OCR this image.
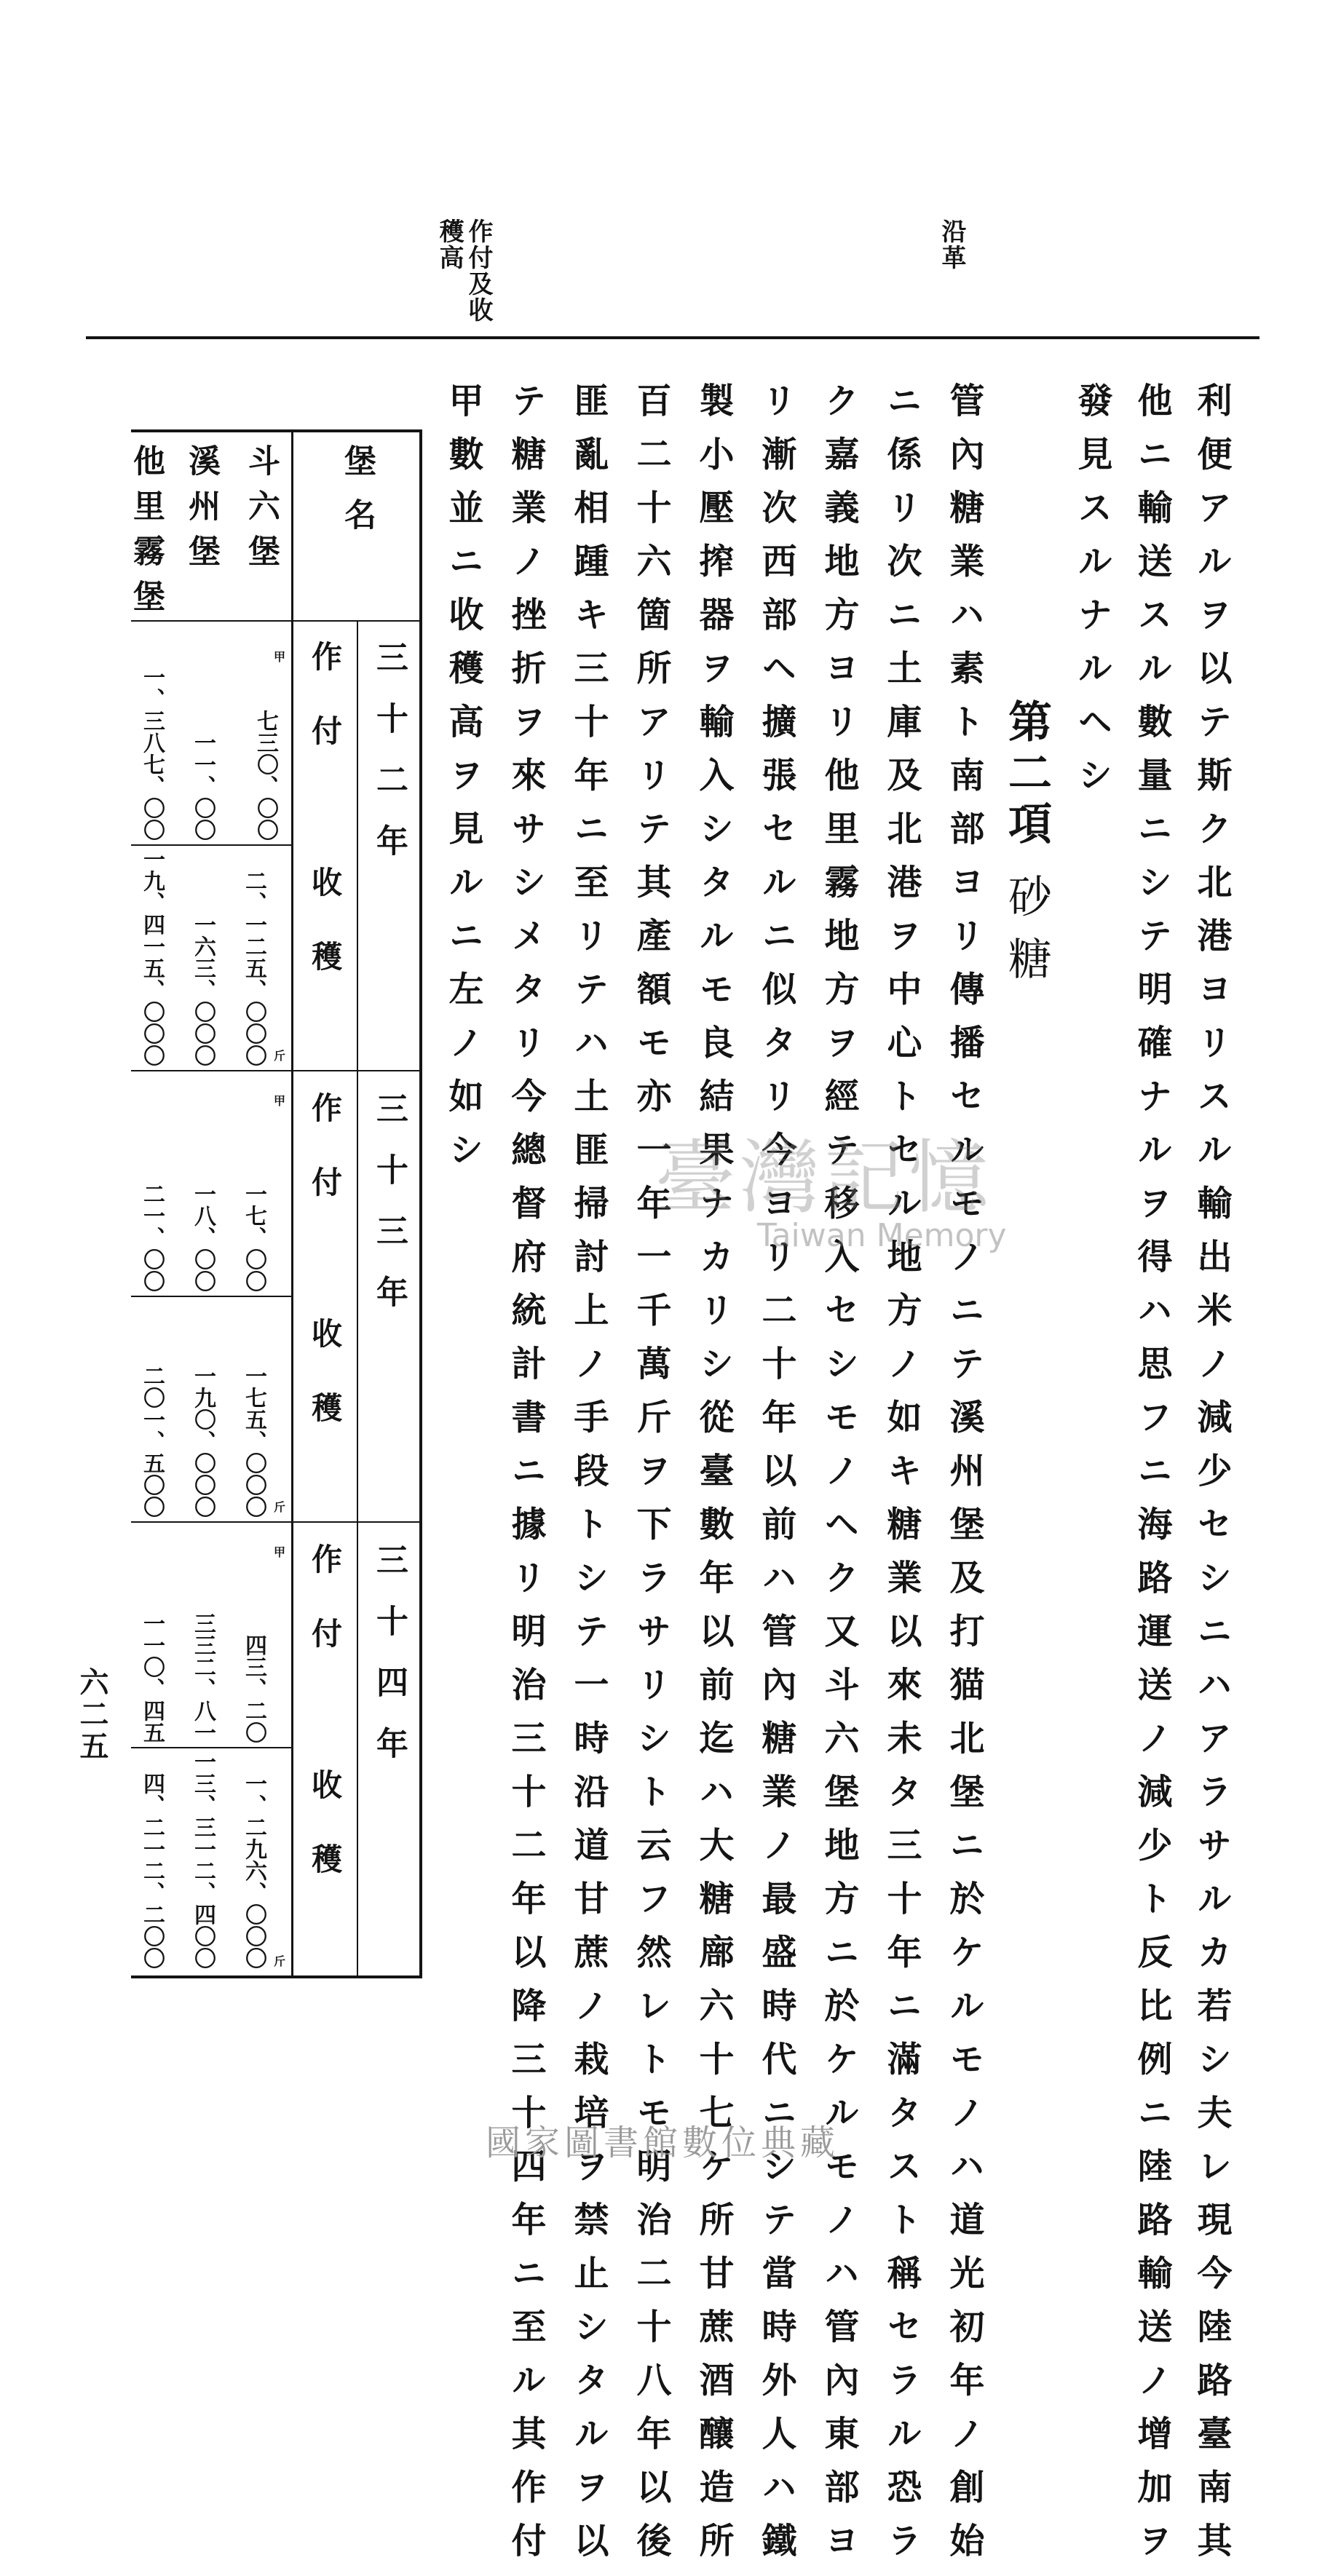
沿革
作付及收
穫高
利便アルヲ以テ斯ク北港ヨリスル輸出米ノ減少セシニハアラサルカ若シ夫レ現今陸路臺南其
他ニ輸送スル數量ニシテ明確ナルヲ得ハ思フニ海路運送ノ減少ト反比例ニ陸路輸送ノ增加ヲ
發見スルナルヘシ
第二項
砂糖
管內糖業ハ素ト南部ヨリ傳播セルモノニテ溪州堡及打猫北堡ニ於ケルモノハ道光初年ノ創始
ニ係リ次ニ土庫及北港ヲ中心トセル地方ノ如キ糖業以來未タ三十年ニ滿タスト稱セラル恐ラ
ク嘉義地方ヨリ他里霧地方ヲ經テ移入セシモノヘク又斗六堡地方ニ於ケルモノハ管內東部ヨ
リ漸次西部ヘ擴張セルニ似タリ今ヨリ二十年以前ハ管內糖業ノ最盛時代ニシテ當時外人ハ鐵
製小壓搾器ヲ輸入シタルモ良結果ナカリシ從臺數年以前迄ハ大糖廍六十七ケ所甘蔗酒釀造所
百二十六箇所アリテ其產額モ亦一年一千萬斤ヲ下ラサリシト云フ然レトモ明治二十八年以後
匪亂相踵キ三十年ニ至リテハ土匪掃討上ノ手段トシテ一時沿道甘蔗ノ栽培ヲ禁止シタルヲ以
テ糖業ノ挫折ヲ來サシメタリ今總督府統計書ニ據リ明治三十二年以降三十四年ニ至ル其作付
甲數並ニ收穫高ヲ見ルニ左ノ如シ
堡名
斗六堡
溪州堡
他里霧堡
三十二年
三十三年
三十四年
作付
收穫
作付
收穫
作付
收穫
甲
斤
甲
斤
甲
斤
七三〇、〇〇
二、一二五、〇〇〇
一七、〇〇
一七五、〇〇〇
四三、二〇
一、二九六、〇〇〇
一一、〇〇
一六三、〇〇〇
一八、〇〇
一九〇、〇〇〇
三三二、八一
一三、三一二、四〇〇
一、三八七、〇〇
一九、四一五、〇〇〇
二一、〇〇
二〇一、五〇〇
一一〇、四五
四、二一二、二〇〇
六二五
臺灣記憶
Taiwan Memory
國家圖書館數位典藏
